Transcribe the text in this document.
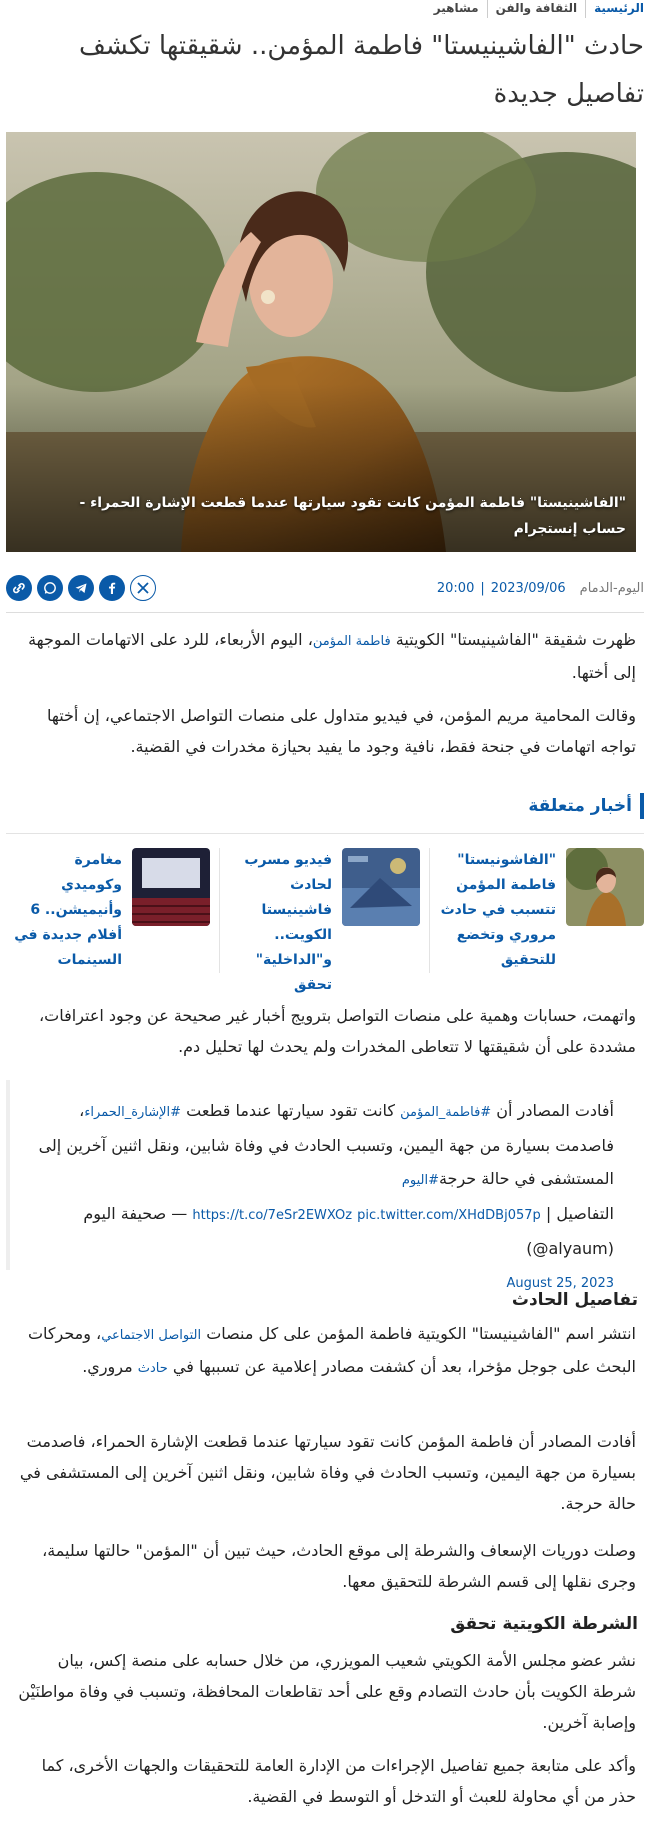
الرئيسية
الثقافة والفن
مشاهير
حادث "الفاشينيستا" فاطمة المؤمن.. شقيقتها تكشف تفاصيل جديدة
"الفاشينيستا" فاطمة المؤمن كانت تقود سيارتها عندما قطعت الإشارة الحمراء - حساب إنستجرام
اليوم-الدمام
2023/09/06
|
20:00

ظهرت شقيقة "الفاشينيستا" الكويتية فاطمة المؤمن، اليوم الأربعاء، للرد على الاتهامات الموجهة إلى أختها.

وقالت المحامية مريم المؤمن، في فيديو متداول على منصات التواصل الاجتماعي، إن أختها تواجه اتهامات في جنحة فقط، نافية وجود ما يفيد بحيازة مخدرات في القضية.

أخبار متعلقة
"الفاشونيستا" فاطمة المؤمن تتسبب في حادث مروري وتخضع للتحقيق
فيديو مسرب لحادث فاشينيستا الكويت.. و"الداخلية" تحقق
مغامرة وكوميدي وأنيميشن.. 6 أفلام جديدة في السينمات

واتهمت، حسابات وهمية على منصات التواصل بترويج أخبار غير صحيحة عن وجود اعترافات، مشددة على أن شقيقتها لا تتعاطى المخدرات ولم يحدث لها تحليل دم.

أفادت المصادر أن #فاطمة_المؤمن كانت تقود سيارتها عندما قطعت #الإشارة_الحمراء، فاصدمت بسيارة من جهة اليمين، وتسبب الحادث في وفاة شابين، ونقل اثنين آخرين إلى المستشفى في حالة حرجة#اليوم
التفاصيل | https://t.co/7eSr2EWXOz pic.twitter.com/XHdDBj057p — صحيفة اليوم (alyaum@)
August 25, 2023
تفاصيل الحادث

انتشر اسم "الفاشينيستا" الكويتية فاطمة المؤمن على كل منصات التواصل الاجتماعي، ومحركات البحث على جوجل مؤخرا، بعد أن كشفت مصادر إعلامية عن تسببها في حادث مروري.

أفادت المصادر أن فاطمة المؤمن كانت تقود سيارتها عندما قطعت الإشارة الحمراء، فاصدمت بسيارة من جهة اليمين، وتسبب الحادث في وفاة شابين، ونقل اثنين آخرين إلى المستشفى في حالة حرجة.

وصلت دوريات الإسعاف والشرطة إلى موقع الحادث، حيث تبين أن "المؤمن" حالتها سليمة، وجرى نقلها إلى قسم الشرطة للتحقيق معها.

الشرطة الكويتية تحقق

نشر عضو مجلس الأمة الكويتي شعيب المويزري، من خلال حسابه على منصة إكس، بيان شرطة الكويت بأن حادث التصادم وقع على أحد تقاطعات المحافظة، وتسبب في وفاة مواطنَيْن وإصابة آخرين.

وأكد على متابعة جميع تفاصيل الإجراءات من الإدارة العامة للتحقيقات والجهات الأخرى، كما حذر من أي محاولة للعبث أو التدخل أو التوسط في القضية.
